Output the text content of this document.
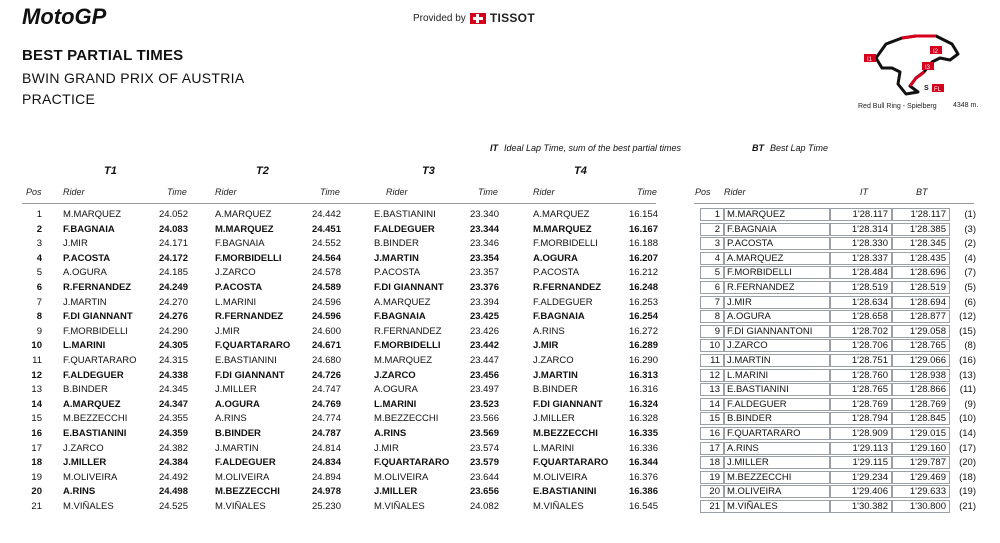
MotoGP	Provided by TISSOT
BEST PARTIAL TIMES
BWIN GRAND PRIX OF AUSTRIA
PRACTICE
I1
I2
I3
S FL
Red Bull Ring - Spielberg 4348 m.
IT Ideal Lap Time, sum of the best partial times	BT Best Lap Time
T1	T2	T3	T4
Pos Rider	Time	Rider	Time	Rider	Time	Rider	Time	Pos Rider	IT	BT
1 M.MARQUEZ	24.052	A.MARQUEZ	24.442	E.BASTIANINI	23.340	A.MARQUEZ	16.154
2 F.BAGNAIA	24.083	M.MARQUEZ	24.451	F.ALDEGUER	23.344	M.MARQUEZ	16.167
3 J.MIR	24.171	F.BAGNAIA	24.552	B.BINDER	23.346	F.MORBIDELLI	16.188
4 P.ACOSTA	24.172	F.MORBIDELLI	24.564	J.MARTIN	23.354	A.OGURA	16.207
5 A.OGURA	24.185	J.ZARCO	24.578	P.ACOSTA	23.357	P.ACOSTA	16.212
6 R.FERNANDEZ	24.249	P.ACOSTA	24.589	F.DI GIANNANT	23.376	R.FERNANDEZ	16.248
7 J.MARTIN	24.270	L.MARINI	24.596	A.MARQUEZ	23.394	F.ALDEGUER	16.253
8 F.DI GIANNANT	24.276	R.FERNANDEZ	24.596	F.BAGNAIA	23.425	F.BAGNAIA	16.254
9 F.MORBIDELLI	24.290	J.MIR	24.600	R.FERNANDEZ	23.426	A.RINS	16.272
10 L.MARINI	24.305	F.QUARTARARO	24.671	F.MORBIDELLI	23.442	J.MIR	16.289
11 F.QUARTARARO	24.315	E.BASTIANINI	24.680	M.MARQUEZ	23.447	J.ZARCO	16.290
12 F.ALDEGUER	24.338	F.DI GIANNANT	24.726	J.ZARCO	23.456	J.MARTIN	16.313
13 B.BINDER	24.345	J.MILLER	24.747	A.OGURA	23.497	B.BINDER	16.316
14 A.MARQUEZ	24.347	A.OGURA	24.769	L.MARINI	23.523	F.DI GIANNANT	16.324
15 M.BEZZECCHI	24.355	A.RINS	24.774	M.BEZZECCHI	23.566	J.MILLER	16.328
16 E.BASTIANINI	24.359	B.BINDER	24.787	A.RINS	23.569	M.BEZZECCHI	16.335
17 J.ZARCO	24.382	J.MARTIN	24.814	J.MIR	23.574	L.MARINI	16.336
18 J.MILLER	24.384	F.ALDEGUER	24.834	F.QUARTARARO	23.579	F.QUARTARARO	16.344
19 M.OLIVEIRA	24.492	M.OLIVEIRA	24.894	M.OLIVEIRA	23.644	M.OLIVEIRA	16.376
20 A.RINS	24.498	M.BEZZECCHI	24.978	J.MILLER	23.656	E.BASTIANINI	16.386
21 M.VIÑALES	24.525	M.VIÑALES	25.230	M.VIÑALES	24.082	M.VIÑALES	16.545
1 M.MARQUEZ	1'28.117	1'28.117	(1)
2 F.BAGNAIA	1'28.314	1'28.385	(3)
3 P.ACOSTA	1'28.330	1'28.345	(2)
4 A.MARQUEZ	1'28.337	1'28.435	(4)
5 F.MORBIDELLI	1'28.484	1'28.696	(7)
6 R.FERNANDEZ	1'28.519	1'28.519	(5)
7 J.MIR	1'28.634	1'28.694	(6)
8 A.OGURA	1'28.658	1'28.877	(12)
9 F.DI GIANNANTONI	1'28.702	1'29.058	(15)
10 J.ZARCO	1'28.706	1'28.765	(8)
11 J.MARTIN	1'28.751	1'29.066	(16)
12 L.MARINI	1'28.760	1'28.938	(13)
13 E.BASTIANINI	1'28.765	1'28.866	(11)
14 F.ALDEGUER	1'28.769	1'28.769	(9)
15 B.BINDER	1'28.794	1'28.845	(10)
16 F.QUARTARARO	1'28.909	1'29.015	(14)
17 A.RINS	1'29.113	1'29.160	(17)
18 J.MILLER	1'29.115	1'29.787	(20)
19 M.BEZZECCHI	1'29.234	1'29.469	(18)
20 M.OLIVEIRA	1'29.406	1'29.633	(19)
21 M.VIÑALES	1'30.382	1'30.800	(21)
